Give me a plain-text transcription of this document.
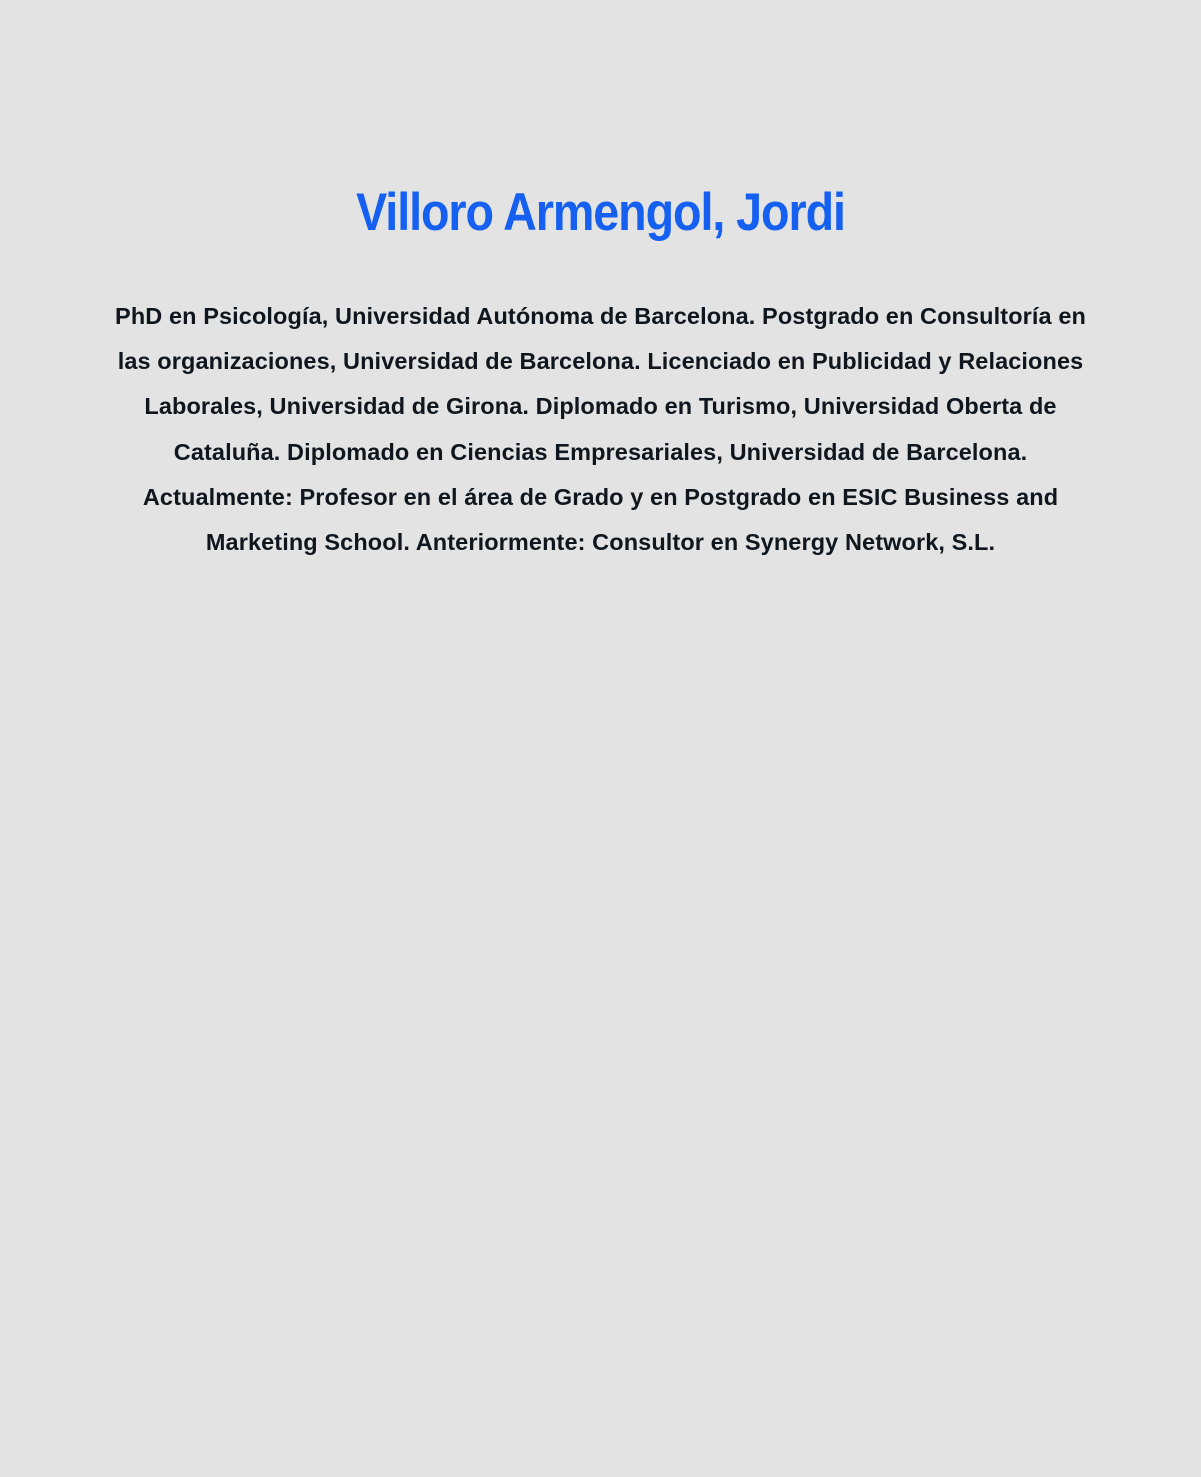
Villoro Armengol, Jordi

PhD en Psicología, Universidad Autónoma de Barcelona. Postgrado en Consultoría en las organizaciones, Universidad de Barcelona. Licenciado en Publicidad y Relaciones Laborales, Universidad de Girona. Diplomado en Turismo, Universidad Oberta de Cataluña. Diplomado en Ciencias Empresariales, Universidad de Barcelona.

Actualmente: Profesor en el área de Grado y en Postgrado en ESIC Business and Marketing School. Anteriormente: Consultor en Synergy Network, S.L.
